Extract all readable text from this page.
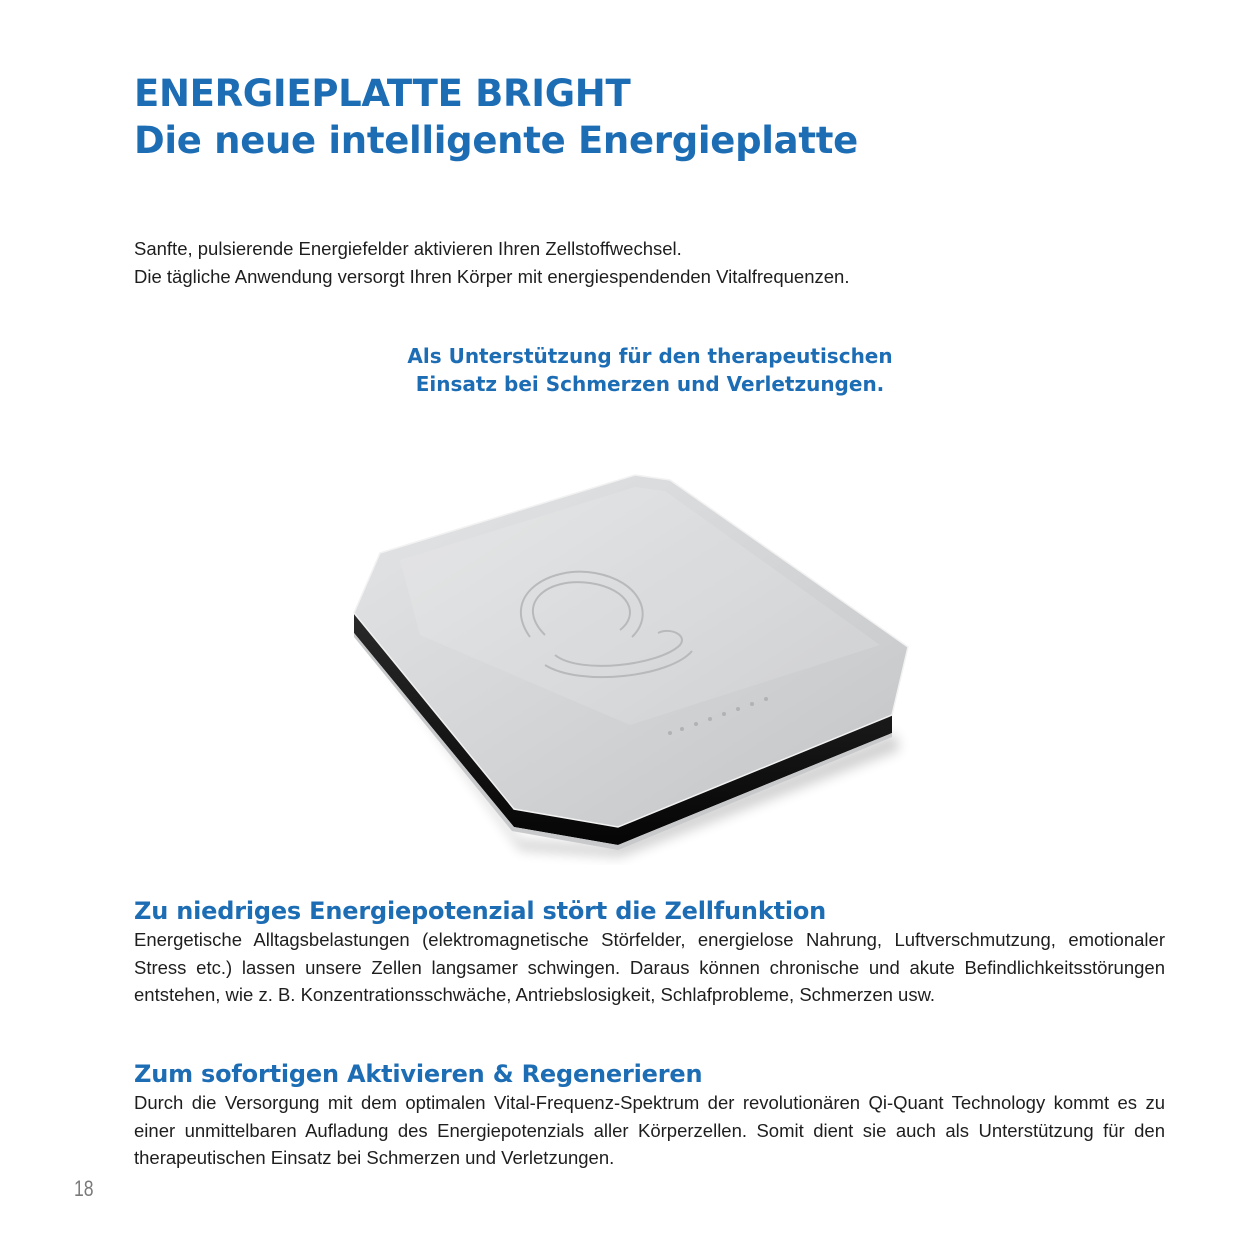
ENERGIEPLATTE BRIGHT
Die neue intelligente Energieplatte
Sanfte, pulsierende Energiefelder aktivieren Ihren Zellstoffwechsel.
Die tägliche Anwendung versorgt Ihren Körper mit energiespendenden Vitalfrequenzen.
Als Unterstützung für den therapeutischen
Einsatz bei Schmerzen und Verletzungen.
Zu niedriges Energiepotenzial stört die Zellfunktion

Energetische Alltagsbelastungen (elektromagnetische Störfelder, energielose Nahrung, Luftverschmutzung, emotionaler Stress etc.) lassen unsere Zellen langsamer schwingen. Daraus können chronische und akute Befindlichkeitsstörungen entstehen, wie z. B. Konzentrationsschwäche, Antriebslosigkeit, Schlafprobleme, Schmerzen usw.

Zum sofortigen Aktivieren & Regenerieren

Durch die Versorgung mit dem optimalen Vital-Frequenz-Spektrum der revolutionären Qi-Quant Technology kommt es zu einer unmittelbaren Aufladung des Energiepotenzials aller Körperzellen. Somit dient sie auch als Unterstützung für den therapeutischen Einsatz bei Schmerzen und Verletzungen.

18
